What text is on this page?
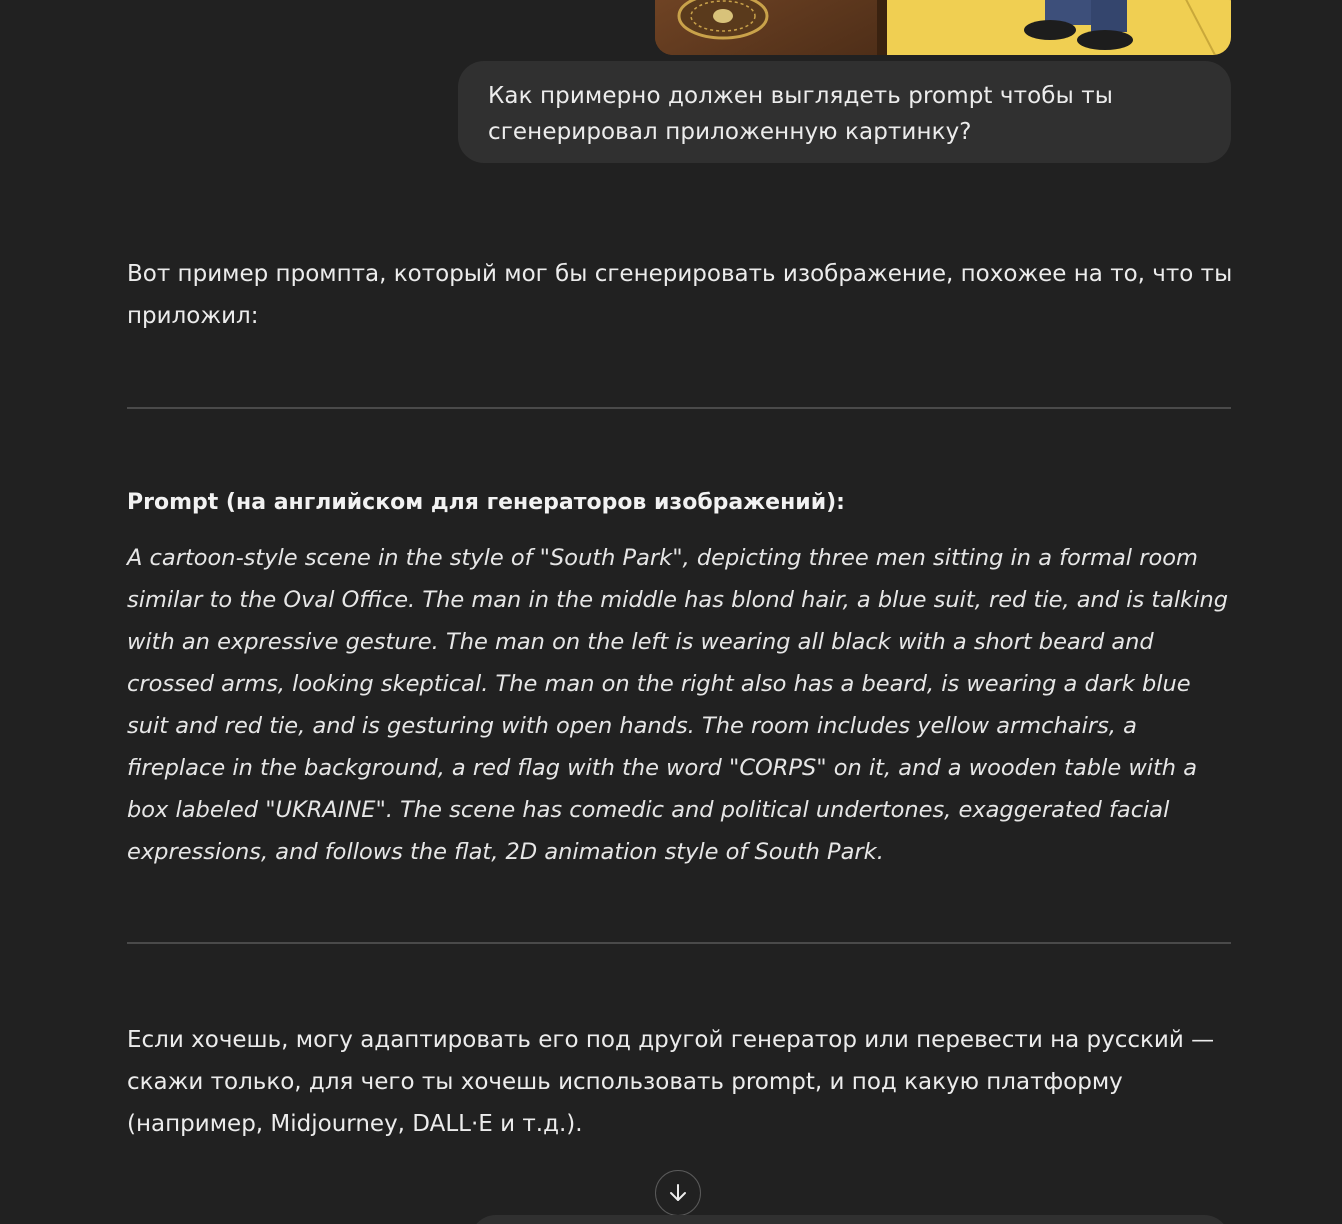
Как примерно должен выглядеть prompt чтобы ты сгенерировал приложенную картинку?
Вот пример промпта, который мог бы сгенерировать изображение, похожее на то, что ты приложил:
Prompt (на английском для генераторов изображений):
A cartoon-style scene in the style of "South Park", depicting three men sitting in a formal room similar to the Oval Office. The man in the middle has blond hair, a blue suit, red tie, and is talking with an expressive gesture. The man on the left is wearing all black with a short beard and crossed arms, looking skeptical. The man on the right also has a beard, is wearing a dark blue suit and red tie, and is gesturing with open hands. The room includes yellow armchairs, a fireplace in the background, a red flag with the word "CORPS" on it, and a wooden table with a box labeled "UKRAINE". The scene has comedic and political undertones, exaggerated facial expressions, and follows the flat, 2D animation style of South Park.
Если хочешь, могу адаптировать его под другой генератор или перевести на русский — скажи только, для чего ты хочешь использовать prompt, и под какую платформу (например, Midjourney, DALL·E и т.д.).
